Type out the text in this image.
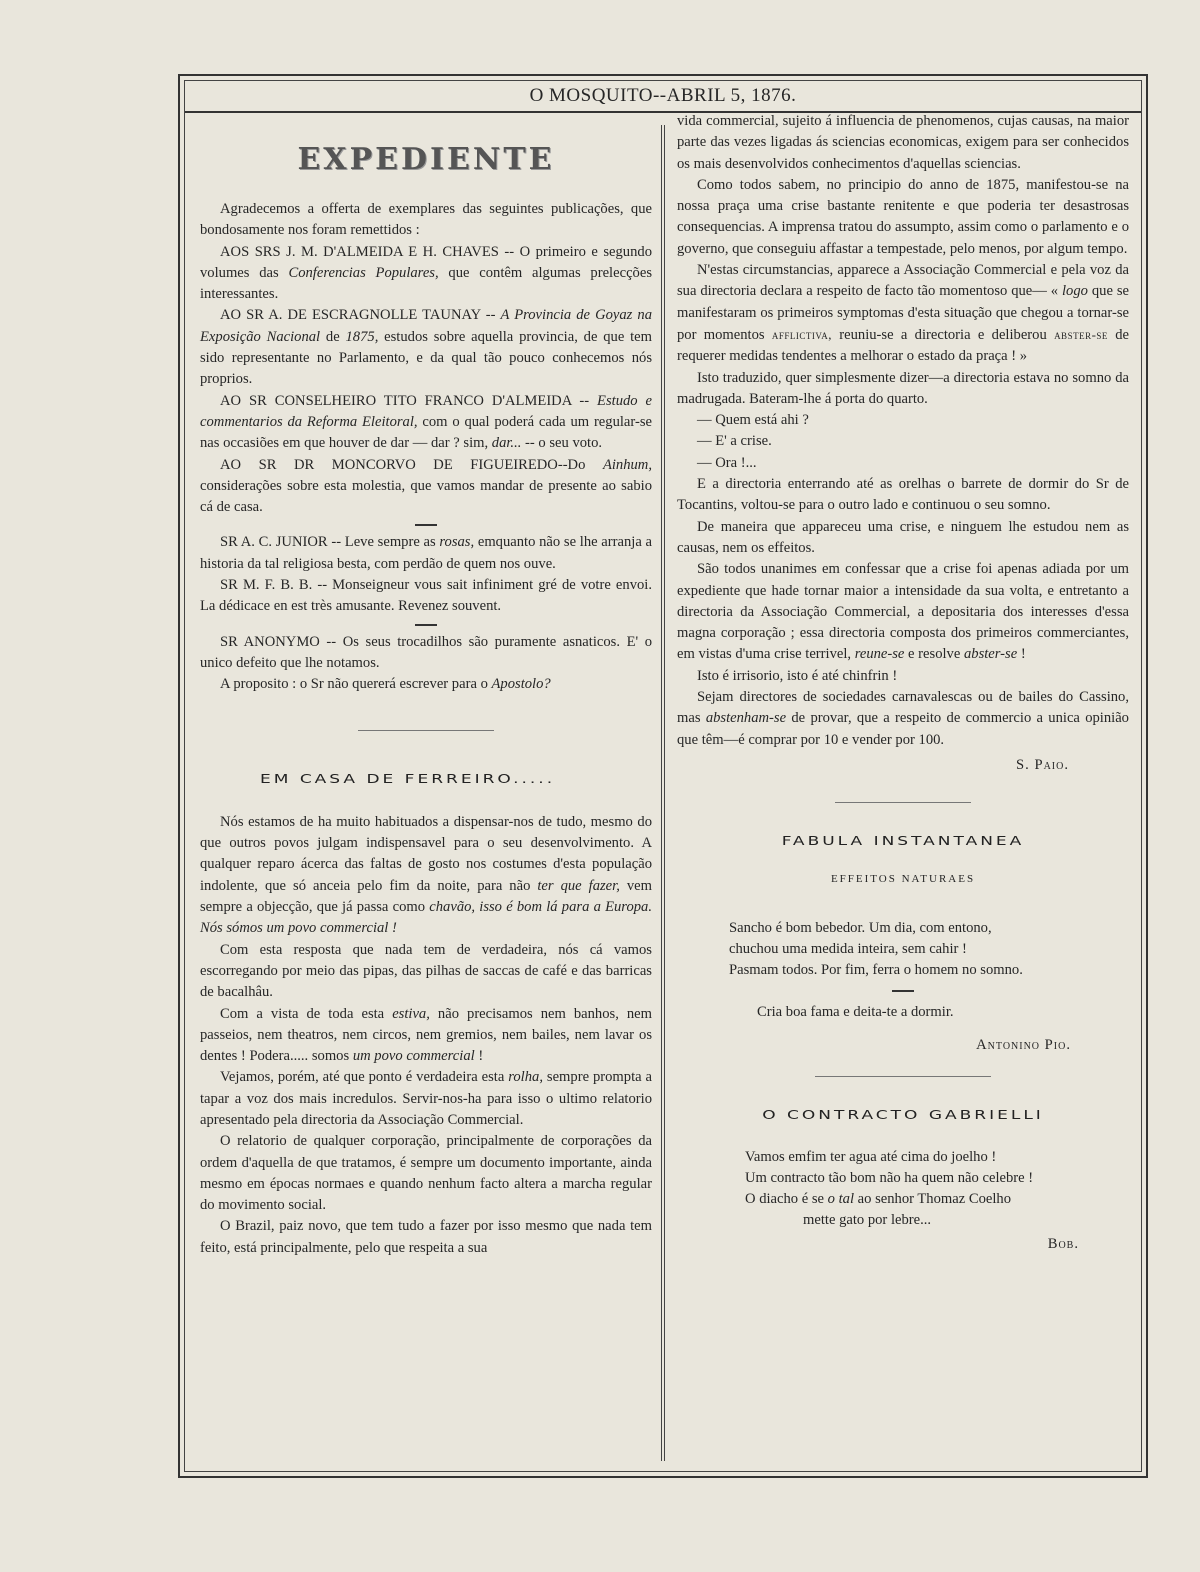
O MOSQUITO--ABRIL 5, 1876.
EXPEDIENTE

Agradecemos a offerta de exemplares das seguintes publicações, que bondosamente nos foram remettidos :

AOS SRS J. M. D'ALMEIDA E H. CHAVES -- O primeiro e segundo volumes das Conferencias Populares, que contêm algumas prelecções interessantes.

AO SR A. DE ESCRAGNOLLE TAUNAY -- A Provincia de Goyaz na Exposição Nacional de 1875, estudos sobre aquella provincia, de que tem sido representante no Parlamento, e da qual tão pouco conhecemos nós proprios.

AO SR CONSELHEIRO TITO FRANCO D'ALMEIDA -- Estudo e commentarios da Reforma Eleitoral, com o qual poderá cada um regular-se nas occasiões em que houver de dar — dar ? sim, dar... -- o seu voto.

AO SR DR MONCORVO DE FIGUEIREDO--Do Ainhum, considerações sobre esta molestia, que vamos mandar de presente ao sabio cá de casa.

SR A. C. JUNIOR -- Leve sempre as rosas, emquanto não se lhe arranja a historia da tal religiosa besta, com perdão de quem nos ouve.

SR M. F. B. B. -- Monseigneur vous sait infiniment gré de votre envoi. La dédicace en est très amusante. Revenez souvent.

SR ANONYMO -- Os seus trocadilhos são puramente asnaticos. E' o unico defeito que lhe notamos.

A proposito : o Sr não quererá escrever para o Apostolo?

EM CASA DE FERREIRO.....

Nós estamos de ha muito habituados a dispensar-nos de tudo, mesmo do que outros povos julgam indispensavel para o seu desenvolvimento. A qualquer reparo ácerca das faltas de gosto nos costumes d'esta população indolente, que só anceia pelo fim da noite, para não ter que fazer, vem sempre a objecção, que já passa como chavão, isso é bom lá para a Europa. Nós sómos um povo commercial !

Com esta resposta que nada tem de verdadeira, nós cá vamos escorregando por meio das pipas, das pilhas de saccas de café e das barricas de bacalhâu.

Com a vista de toda esta estiva, não precisamos nem banhos, nem passeios, nem theatros, nem circos, nem gremios, nem bailes, nem lavar os dentes ! Podera..... somos um povo commercial !

Vejamos, porém, até que ponto é verdadeira esta rolha, sempre prompta a tapar a voz dos mais incredulos. Servir-nos-ha para isso o ultimo relatorio apresentado pela directoria da Associação Commercial.

O relatorio de qualquer corporação, principalmente de corporações da ordem d'aquella de que tratamos, é sempre um documento importante, ainda mesmo em épocas normaes e quando nenhum facto altera a marcha regular do movimento social.

O Brazil, paiz novo, que tem tudo a fazer por isso mesmo que nada tem feito, está principalmente, pelo que respeita a sua

vida commercial, sujeito á influencia de phenomenos, cujas causas, na maior parte das vezes ligadas ás sciencias economicas, exigem para ser conhecidos os mais desenvolvidos conhecimentos d'aquellas sciencias.

Como todos sabem, no principio do anno de 1875, manifestou-se na nossa praça uma crise bastante renitente e que poderia ter desastrosas consequencias. A imprensa tratou do assumpto, assim como o parlamento e o governo, que conseguiu affastar a tempestade, pelo menos, por algum tempo.

N'estas circumstancias, apparece a Associação Commercial e pela voz da sua directoria declara a respeito de facto tão momentoso que— « logo que se manifestaram os primeiros symptomas d'esta situação que chegou a tornar-se por momentos afflictiva, reuniu-se a directoria e deliberou abster-se de requerer medidas tendentes a melhorar o estado da praça ! »

Isto traduzido, quer simplesmente dizer—a directoria estava no somno da madrugada. Bateram-lhe á porta do quarto.

— Quem está ahi ?

— E' a crise.

— Ora !...

E a directoria enterrando até as orelhas o barrete de dormir do Sr de Tocantins, voltou-se para o outro lado e continuou o seu somno.

De maneira que appareceu uma crise, e ninguem lhe estudou nem as causas, nem os effeitos.

São todos unanimes em confessar que a crise foi apenas adiada por um expediente que hade tornar maior a intensidade da sua volta, e entretanto a directoria da Associação Commercial, a depositaria dos interesses d'essa magna corporação ; essa directoria composta dos primeiros commerciantes, em vistas d'uma crise terrivel, reune-se e resolve abster-se !

Isto é irrisorio, isto é até chinfrin !

Sejam directores de sociedades carnavalescas ou de bailes do Cassino, mas abstenham-se de provar, que a respeito de commercio a unica opinião que têm—é comprar por 10 e vender por 100.

S. Paio.
FABULA INSTANTANEA
EFFEITOS NATURAES

Sancho é bom bebedor. Um dia, com entono,

chuchou uma medida inteira, sem cahir !

Pasmam todos. Por fim, ferra o homem no somno.

Cria boa fama e deita-te a dormir.

Antonino Pio.
O CONTRACTO GABRIELLI

Vamos emfim ter agua até cima do joelho !

Um contracto tão bom não ha quem não celebre !

O diacho é se o tal ao senhor Thomaz Coelho

mette gato por lebre...

Bob.
